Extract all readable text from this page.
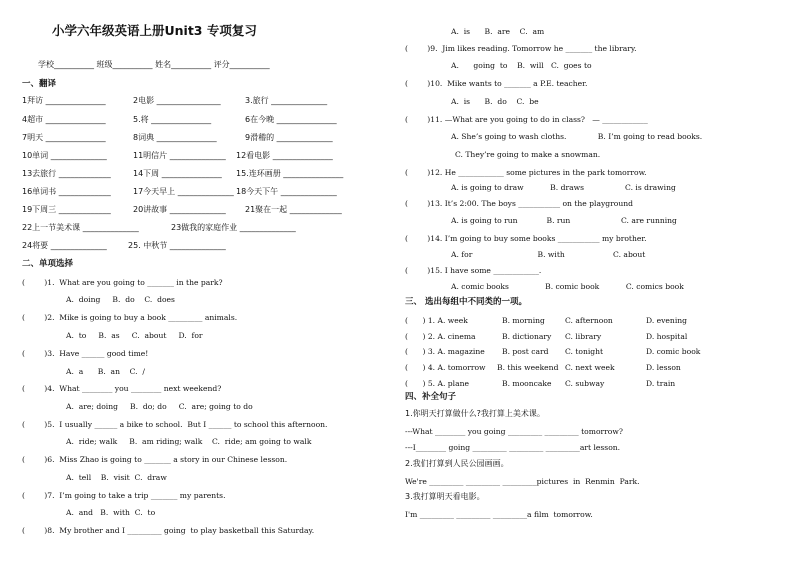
小学六年级英语上册Unit3 专项复习
学校__________ 班级__________ 姓名__________ 评分__________
一、翻译
1拜访 _______________	2电影 ________________	3.旅行 ______________
4超市 _______________	5.将 _______________	6在今晚 _______________
7明天 _______________	8词典 _______________	9滑稽的 ______________
10单词 ______________	11明信片 ______________ 12看电影 _______________
13去旅行 _____________	14下周 _______________ 15.连环画册 _______________
16单词书 _____________	17今天早上 ______________ 18今天下午 ______________
19下周三 _____________	20讲故事 ______________ 21聚在一起 _____________
22上一节美术课 ______________	23做我的家庭作业 ______________
24将要 ______________	25. 中秋节 ______________
二、单项选择
(        )1.  What are you going to _______ in the park?
A.  doing     B.  do    C.  does
(        )2.  Mike is going to buy a book _________ animals.
A.  to     B.  as     C.  about     D.  for
(        )3.  Have ______ good time!
A.  a      B.  an    C.  /
(        )4.  What ________ you ________ next weekend?
A.  are; doing     B.  do; do     C.  are; going to do
(        )5.  I usually ______ a bike to school.  But I ______ to school this afternoon.
A.  ride; walk     B.  am riding; walk    C.  ride; am going to walk
(        )6.  Miss Zhao is going to _______ a story in our Chinese lesson.
A.  tell    B.  visit  C.  draw
(        )7.  I’m going to take a trip _______ my parents.
A.  and   B.  with  C.  to
(        )8.  My brother and I _________ going  to play basketball this Saturday.
A.  is      B.  are    C.  am
(        )9.  Jim likes reading. Tomorrow he _______ the library.
A.      going  to    B.  will   C.  goes to
(        )10.  Mike wants to _______ a P.E. teacher.
A.  is      B.  do    C.  be
(        )11. —What are you going to do in class?   — ____________
A. She’s going to wash cloths.             B. I’m going to read books.
C. They’re going to make a snowman.
(        )12. He ____________ some pictures in the park tomorrow.
A. is going to draw           B. draws                 C. is drawing
(        )13. It’s 2:00. The boys ___________ on the playground
A. is going to run            B. run                     C. are running
(        )14. I’m going to buy some books ___________ my brother.
A. for                           B. with                    C. about
(        )15. I have some ____________.
A. comic books               B. comic book           C. comics book
三、 选出每组中不同类的一项。
(      ) 1. A. week	B. morning	C. afternoon	D. evening
(      ) 2. A. cinema	B. dictionary C. library	D. hospital
(      ) 3. A. magazine B. post card C. tonight	D. comic book
(      ) 4. A. tomorrow B. this weekend C. next week	D. lesson
(      ) 5. A. plane	B. mooncake C. subway	D. train
四、补全句子
1.你明天打算做什么?我打算上美术课。
---What ________ you going _________ _________ tomorrow?
---I________ going _________ _________ _________art lesson.
2.我们打算到人民公园画画。
We're _________ _________ _________pictures  in  Renmin  Park.
3.我打算明天看电影。
I'm _________ _________ _________a film  tomorrow.
